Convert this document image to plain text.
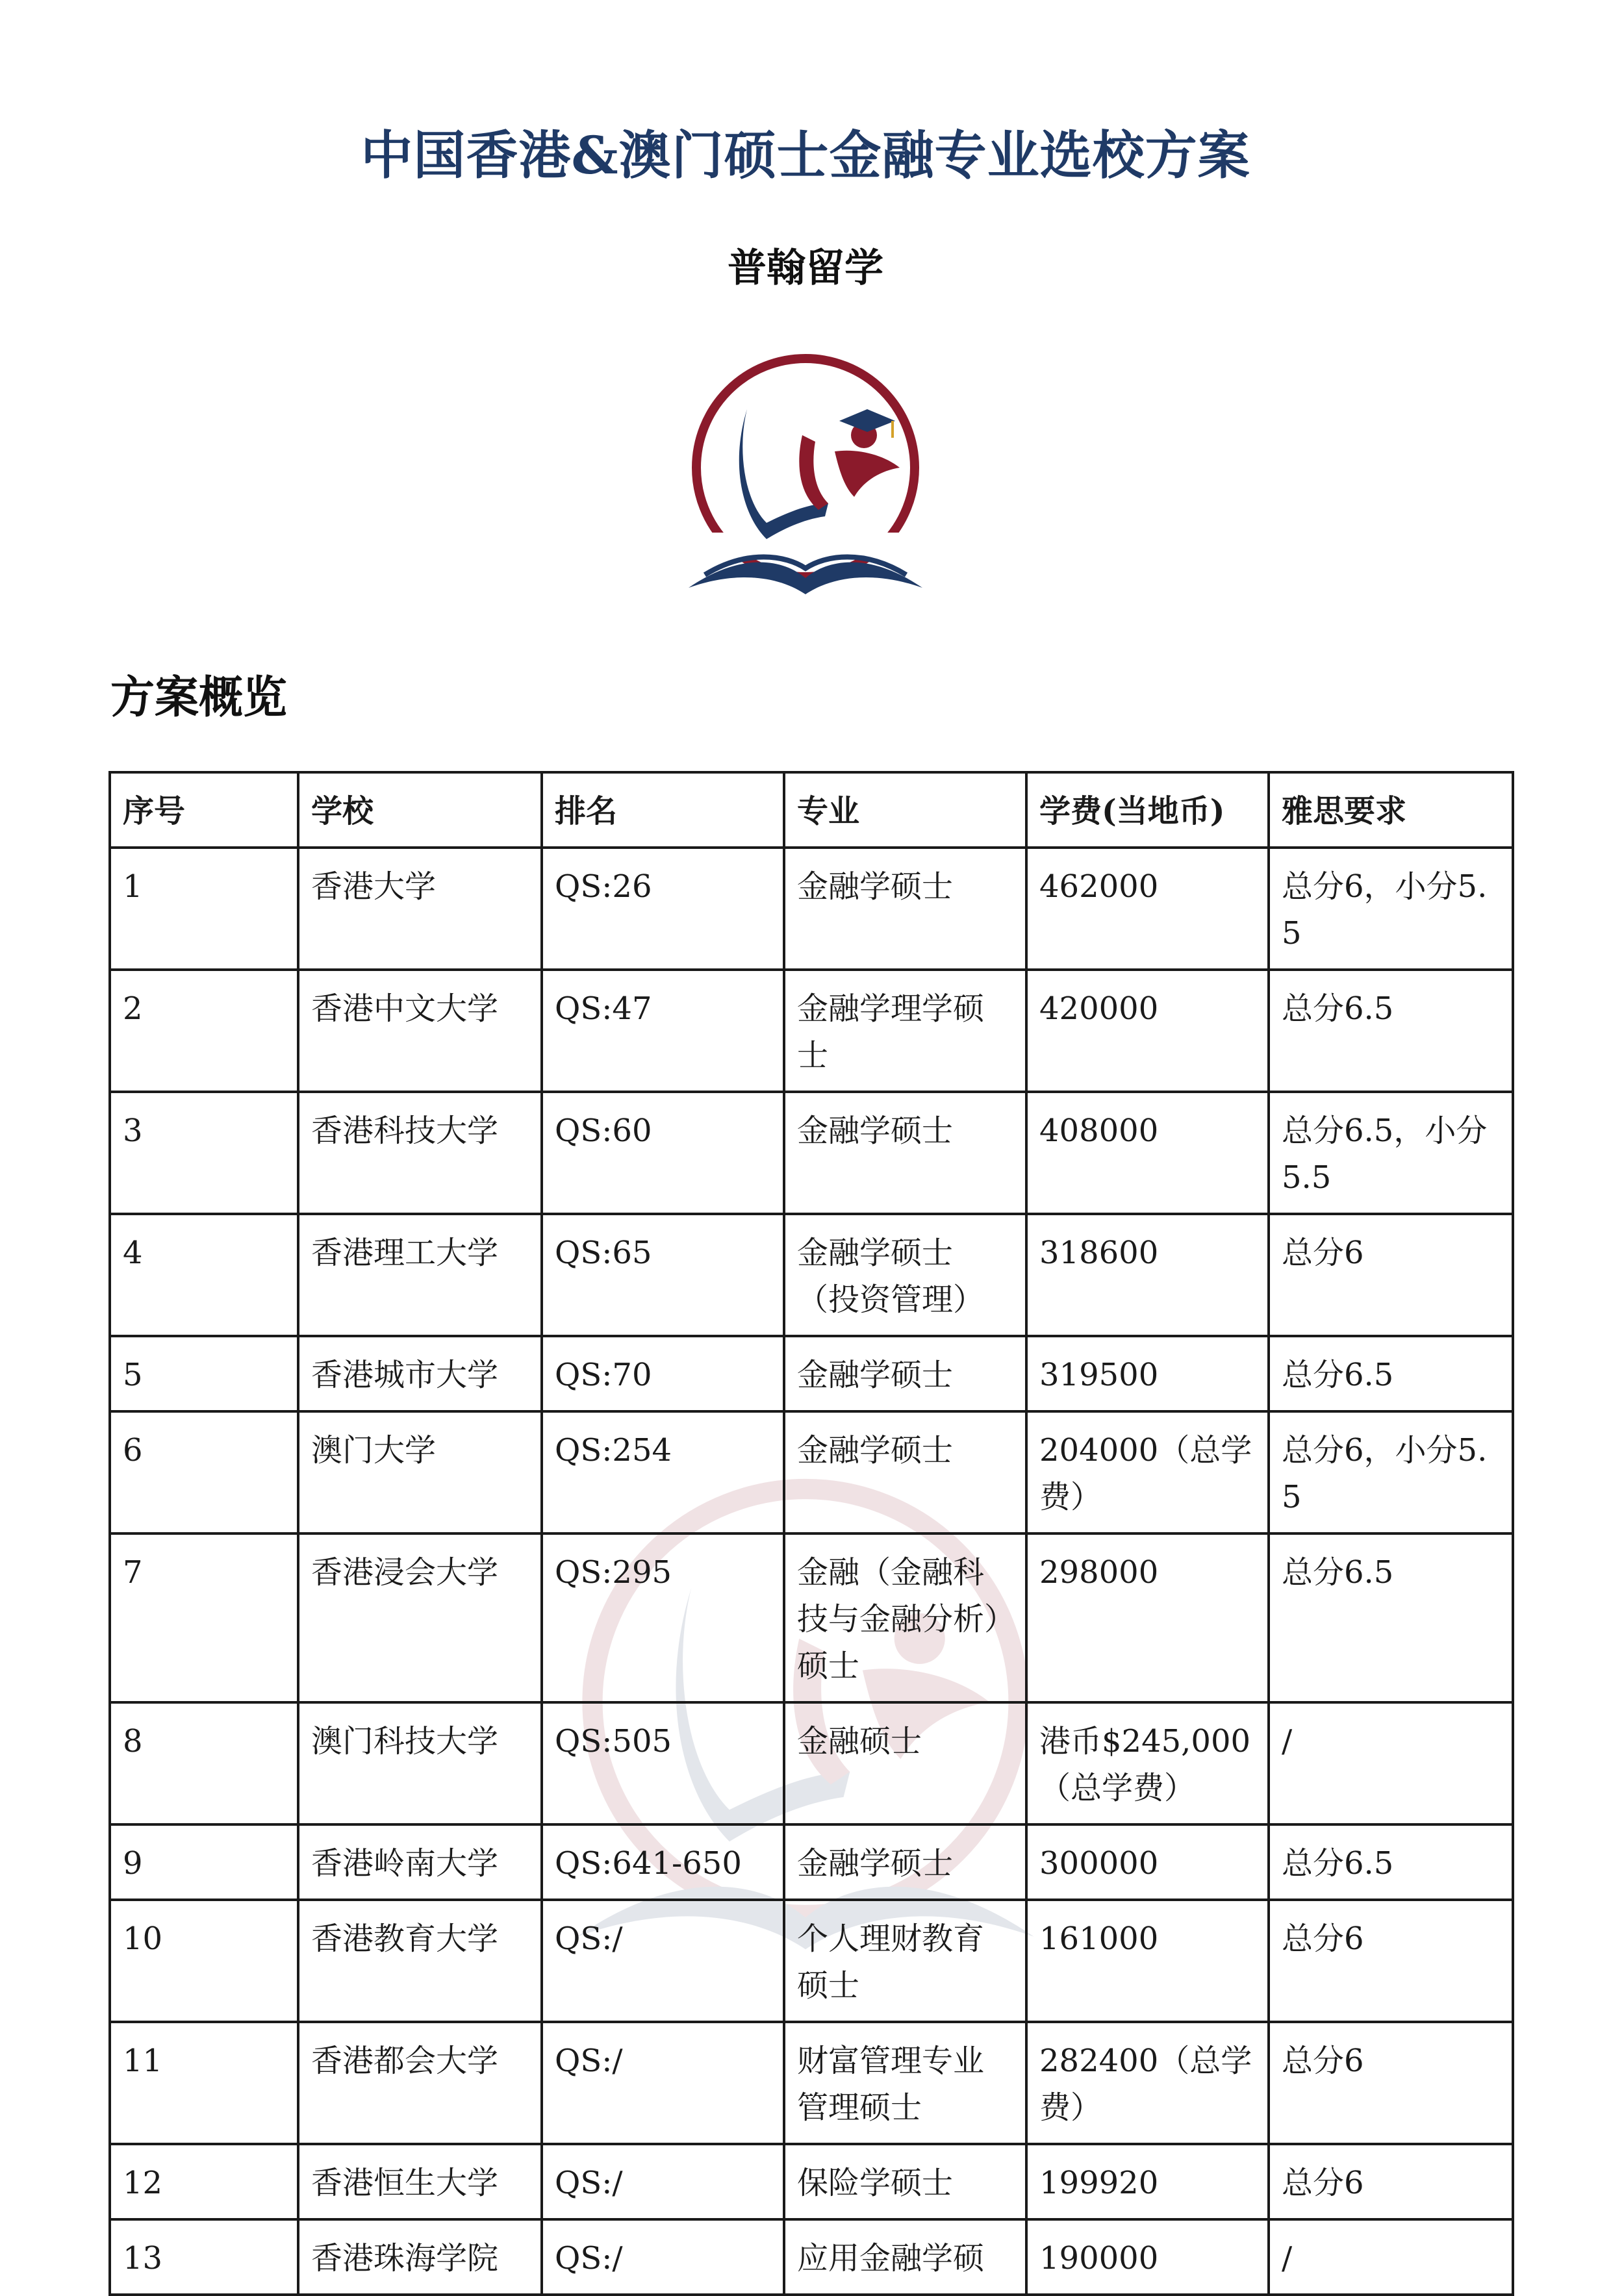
中国香港&澳门硕士金融专业选校方案
普翰留学
方案概览
序号	学校	排名	专业	学费(当地币)	雅思要求
1	香港大学	QS:26	金融学硕士	462000	总分6，小分5.5
2	香港中文大学	QS:47	金融学理学硕士	420000	总分6.5
3	香港科技大学	QS:60	金融学硕士	408000	总分6.5，小分5.5
4	香港理工大学	QS:65	金融学硕士（投资管理）	318600	总分6
5	香港城市大学	QS:70	金融学硕士	319500	总分6.5
6	澳门大学	QS:254	金融学硕士	204000（总学费）	总分6，小分5.5
7	香港浸会大学	QS:295	金融（金融科技与金融分析）硕士	298000	总分6.5
8	澳门科技大学	QS:505	金融硕士	港币$245,000（总学费）	/
9	香港岭南大学	QS:641-650	金融学硕士	300000	总分6.5
10	香港教育大学	QS:/	个人理财教育硕士	161000	总分6
11	香港都会大学	QS:/	财富管理专业管理硕士	282400（总学费）	总分6
12	香港恒生大学	QS:/	保险学硕士	199920	总分6
13	香港珠海学院	QS:/	应用金融学硕	190000	/
